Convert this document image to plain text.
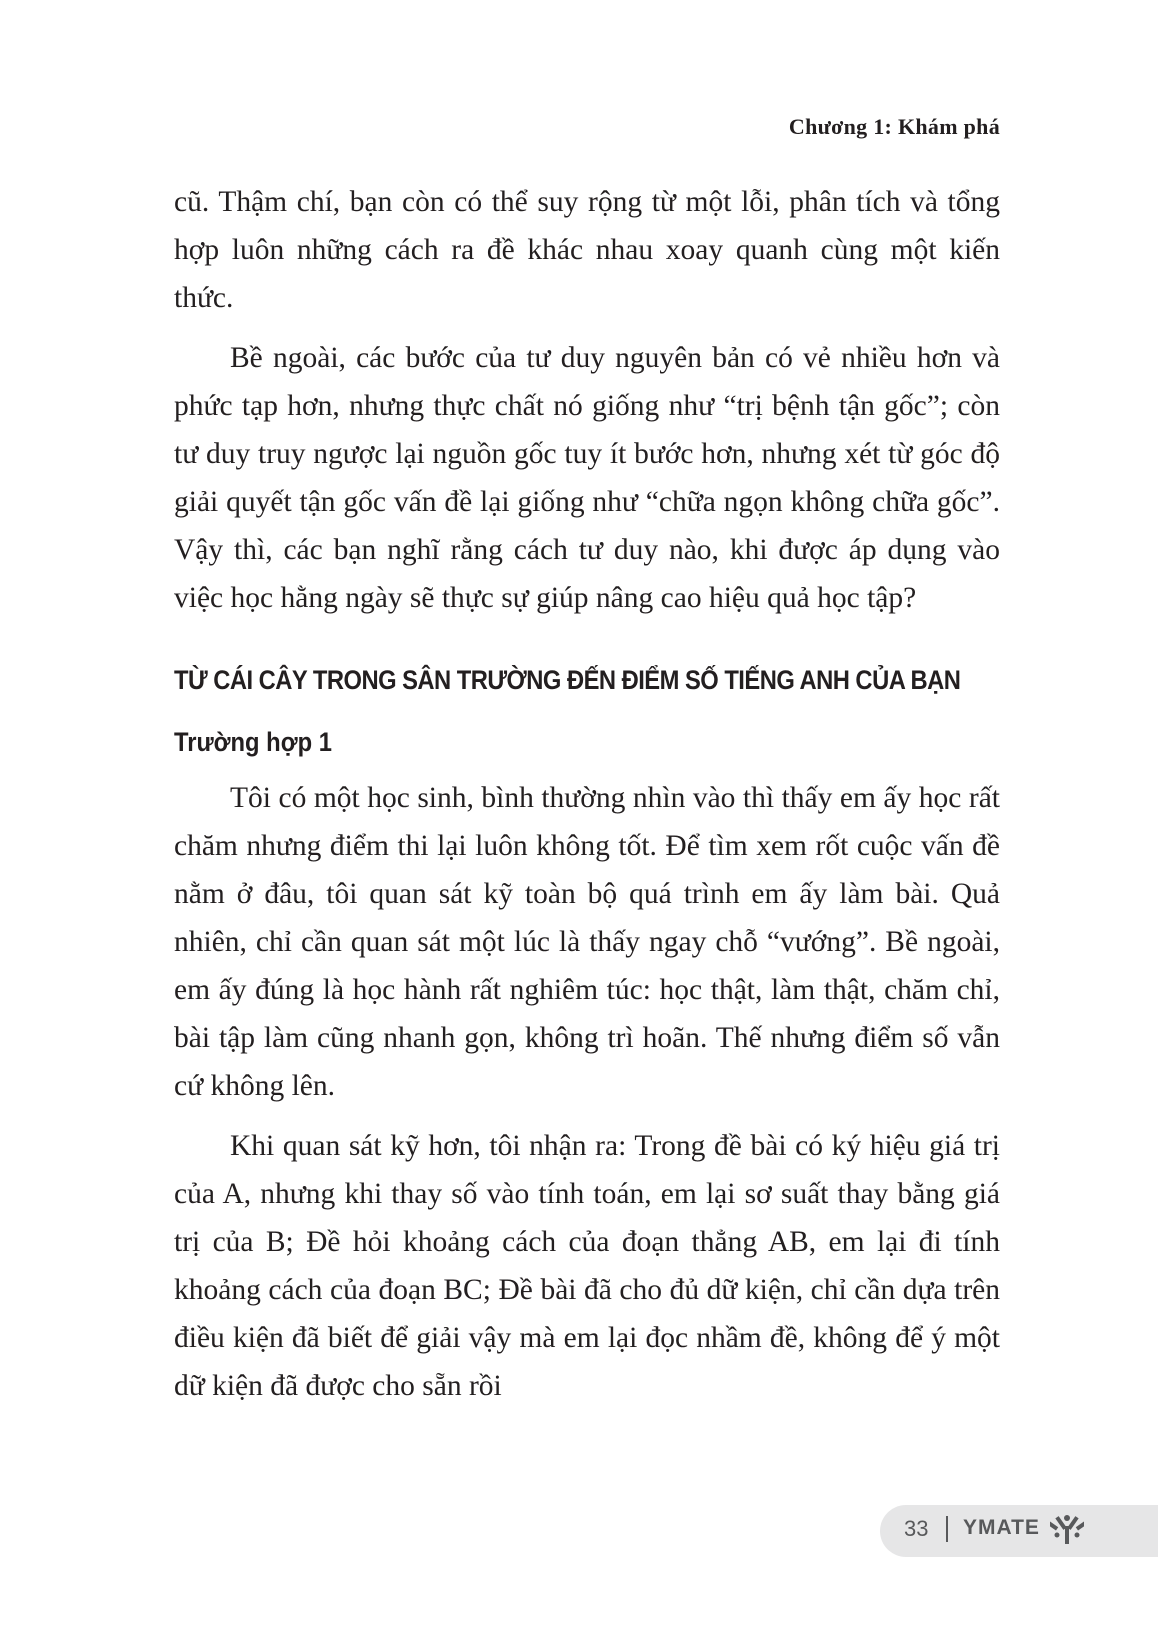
Chương 1: Khám phá

cũ. Thậm chí, bạn còn có thể suy rộng từ một lỗi, phân tích và tổng hợp luôn những cách ra đề khác nhau xoay quanh cùng một kiến thức.

Bề ngoài, các bước của tư duy nguyên bản có vẻ nhiều hơn và phức tạp hơn, nhưng thực chất nó giống như “trị bệnh tận gốc”; còn tư duy truy ngược lại nguồn gốc tuy ít bước hơn, nhưng xét từ góc độ giải quyết tận gốc vấn đề lại giống như “chữa ngọn không chữa gốc”. Vậy thì, các bạn nghĩ rằng cách tư duy nào, khi được áp dụng vào việc học hằng ngày sẽ thực sự giúp nâng cao hiệu quả học tập?

TỪ CÁI CÂY TRONG SÂN TRƯỜNG ĐẾN ĐIỂM SỐ TIẾNG ANH CỦA BẠN
Trường hợp 1

Tôi có một học sinh, bình thường nhìn vào thì thấy em ấy học rất chăm nhưng điểm thi lại luôn không tốt. Để tìm xem rốt cuộc vấn đề nằm ở đâu, tôi quan sát kỹ toàn bộ quá trình em ấy làm bài. Quả nhiên, chỉ cần quan sát một lúc là thấy ngay chỗ “vướng”. Bề ngoài, em ấy đúng là học hành rất nghiêm túc: học thật, làm thật, chăm chỉ, bài tập làm cũng nhanh gọn, không trì hoãn. Thế nhưng điểm số vẫn cứ không lên.

Khi quan sát kỹ hơn, tôi nhận ra: Trong đề bài có ký hiệu giá trị của A, nhưng khi thay số vào tính toán, em lại sơ suất thay bằng giá trị của B; Đề hỏi khoảng cách của đoạn thẳng AB, em lại đi tính khoảng cách của đoạn BC; Đề bài đã cho đủ dữ kiện, chỉ cần dựa trên điều kiện đã biết để giải vậy mà em lại đọc nhầm đề, không để ý một dữ kiện đã được cho sẵn rồi

33 YMATE
